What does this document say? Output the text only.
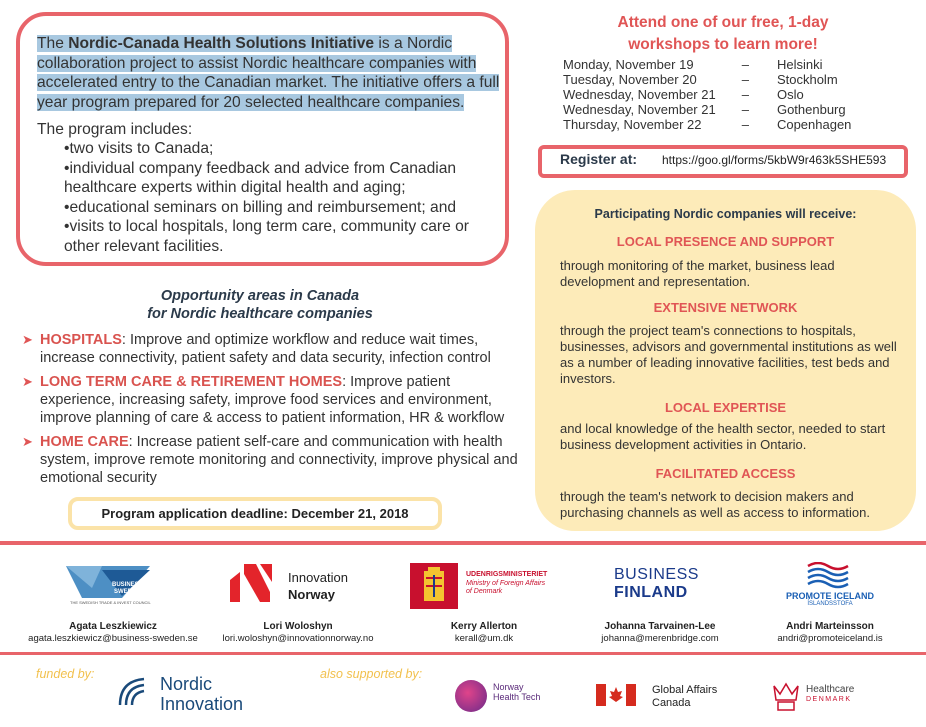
The Nordic-Canada Health Solutions Initiative is a Nordic collaboration project to assist Nordic healthcare companies with accelerated entry to the Canadian market. The initiative offers a full year program prepared for 20 selected healthcare companies.
The program includes:
• two visits to Canada;
• individual company feedback and advice from Canadian healthcare experts within digital health and aging;
• educational seminars on billing and reimbursement; and
• visits to local hospitals, long term care, community care or other relevant facilities.
Opportunity areas in Canada
for Nordic healthcare companies
➤ HOSPITALS: Improve and optimize workflow and reduce wait times, increase connectivity, patient safety and data security, infection control
➤ LONG TERM CARE & RETIREMENT HOMES: Improve patient experience, increasing safety, improve food services and environment, improve planning of care & access to patient information, HR & workflow
➤ HOME CARE: Increase patient self-care and communication with health system, improve remote monitoring and connectivity, improve physical and emotional security
Program application deadline: December 21, 2018
Attend one of our free, 1-day
workshops to learn more!
Monday, November 19	–	Helsinki
Tuesday, November 20	–	Stockholm
Wednesday, November 21	–	Oslo
Wednesday, November 21	–	Gothenburg
Thursday, November 22	–	Copenhagen
Register at: https://goo.gl/forms/5kbW9r463k5SHE593
Participating Nordic companies will receive:
LOCAL PRESENCE AND SUPPORT
through monitoring of the market, business lead development and representation.
EXTENSIVE NETWORK
through the project team's connections to hospitals, businesses, advisors and governmental institutions as well as a number of leading innovative facilities, test beds and investors.
LOCAL EXPERTISE
and local knowledge of the health sector, needed to start business development activities in Ontario.
FACILITATED ACCESS
through the team's network to decision makers and purchasing channels as well as access to information.
BUSINESS
SWEDEN
THE SWEDISH TRADE & INVEST COUNCIL
Agata Leszkiewicz
agata.leszkiewicz@business-sweden.se
Innovation
Norway
Lori Woloshyn
lori.woloshyn@innovationnorway.no
UDENRIGSMINISTERIET
Ministry of Foreign Affairs
of Denmark
Kerry Allerton
kerall@um.dk
BUSINESS
FINLAND
Johanna Tarvainen-Lee
johanna@merenbridge.com
PROMOTE ICELAND
ÍSLANDSSTOFA
Andri Marteinsson
andri@promoteiceland.is
funded by:	Nordic
Innovation
also supported by:
Norway
Health Tech
Global Affairs
Canada
Healthcare
DENMARK
